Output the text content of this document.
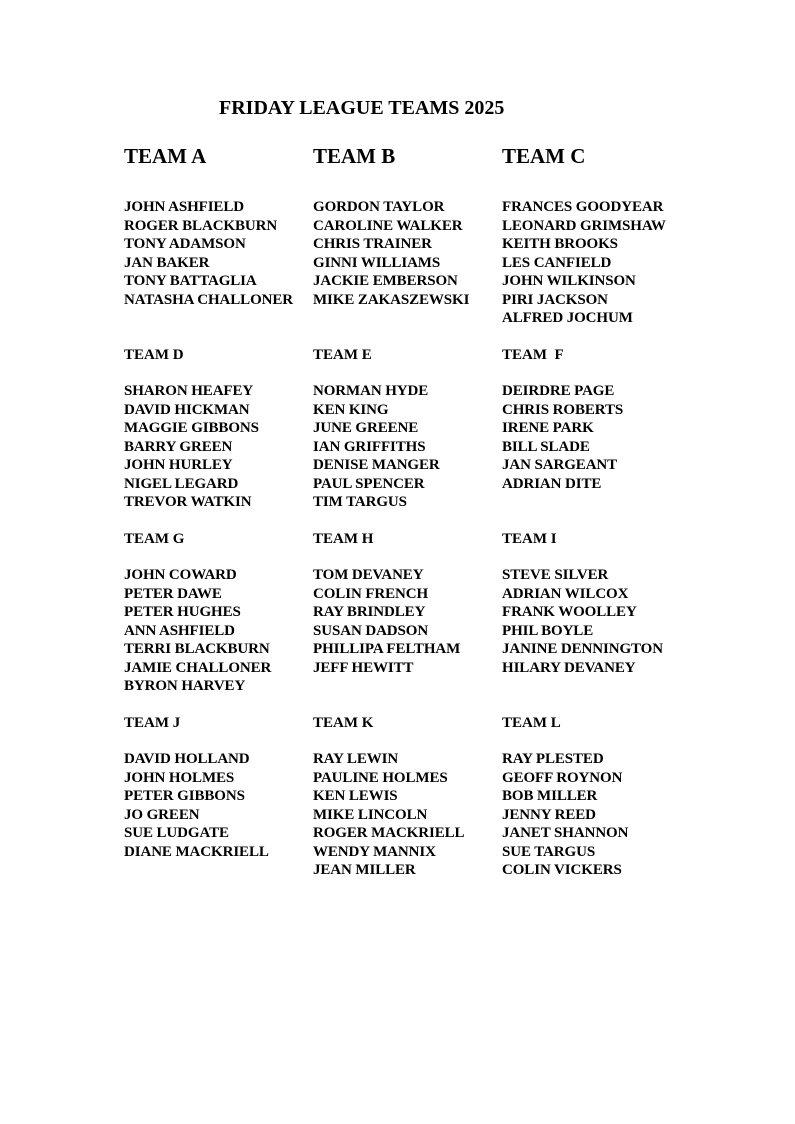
FRIDAY LEAGUE TEAMS 2025
TEAM A
JOHN ASHFIELD
ROGER BLACKBURN
TONY ADAMSON
JAN BAKER
TONY BATTAGLIA
NATASHA CHALLONER
TEAM B
GORDON TAYLOR
CAROLINE WALKER
CHRIS TRAINER
GINNI WILLIAMS
JACKIE EMBERSON
MIKE ZAKASZEWSKI
TEAM C
FRANCES GOODYEAR
LEONARD GRIMSHAW
KEITH BROOKS
LES CANFIELD
JOHN WILKINSON
PIRI JACKSON
ALFRED JOCHUM
TEAM D
SHARON HEAFEY
DAVID HICKMAN
MAGGIE GIBBONS
BARRY GREEN
JOHN HURLEY
NIGEL LEGARD
TREVOR WATKIN
TEAM E
NORMAN HYDE
KEN KING
JUNE GREENE
IAN GRIFFITHS
DENISE MANGER
PAUL SPENCER
TIM TARGUS
TEAM  F
DEIRDRE PAGE
CHRIS ROBERTS
IRENE PARK
BILL SLADE
JAN SARGEANT
ADRIAN DITE
TEAM G
JOHN COWARD
PETER DAWE
PETER HUGHES
ANN ASHFIELD
TERRI BLACKBURN
JAMIE CHALLONER
BYRON HARVEY
TEAM H
TOM DEVANEY
COLIN FRENCH
RAY BRINDLEY
SUSAN DADSON
PHILLIPA FELTHAM
JEFF HEWITT
TEAM I
STEVE SILVER
ADRIAN WILCOX
FRANK WOOLLEY
PHIL BOYLE
JANINE DENNINGTON
HILARY DEVANEY
TEAM J
DAVID HOLLAND
JOHN HOLMES
PETER GIBBONS
JO GREEN
SUE LUDGATE
DIANE MACKRIELL
TEAM K
RAY LEWIN
PAULINE HOLMES
KEN LEWIS
MIKE LINCOLN
ROGER MACKRIELL
WENDY MANNIX
JEAN MILLER
TEAM L
RAY PLESTED
GEOFF ROYNON
BOB MILLER
JENNY REED
JANET SHANNON
SUE TARGUS
COLIN VICKERS
